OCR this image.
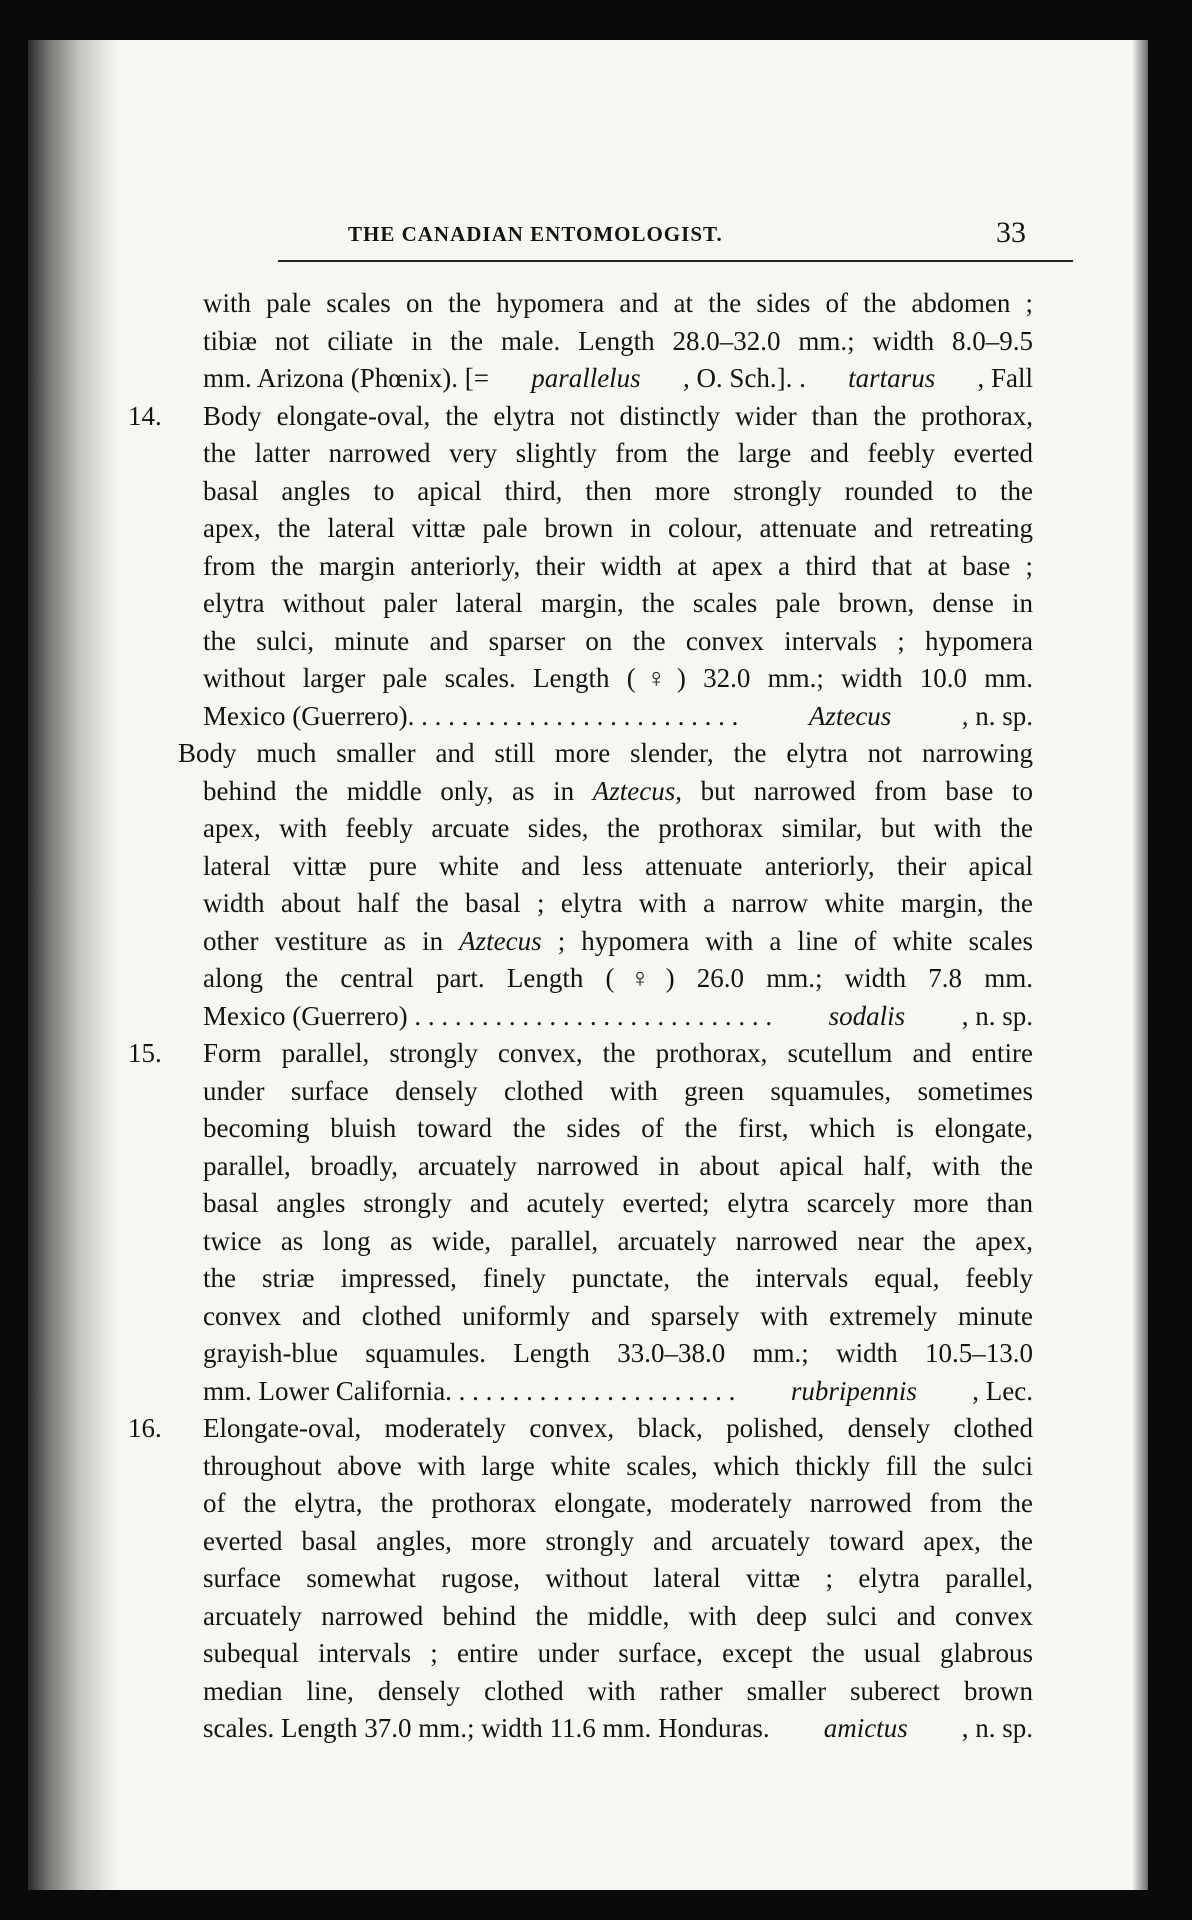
THE CANADIAN ENTOMOLOGIST.	33
with pale scales on the hypomera and at the sides of the abdomen ;
tibiæ not ciliate in the male. Length 28.0–32.0 mm.; width 8.0–9.5
mm. Arizona (Phœnix). [= parallelus , O. Sch.]. . tartarus , Fall
14. Body elongate-oval, the elytra not distinctly wider than the prothorax,
the latter narrowed very slightly from the large and feebly everted
basal angles to apical third, then more strongly rounded to the
apex, the lateral vittæ pale brown in colour, attenuate and retreating
from the margin anteriorly, their width at apex a third that at base ;
elytra without paler lateral margin, the scales pale brown, dense in
the sulci, minute and sparser on the convex intervals ; hypomera
without larger pale scales. Length (♀) 32.0 mm.; width 10.0 mm.
Mexico (Guerrero). . . . . . . . . . . . . . . . . . . . . . . . .	Aztecus	, n. sp.
Body much smaller and still more slender, the elytra not narrowing
behind the middle only, as in Aztecus, but narrowed from base to
apex, with feebly arcuate sides, the prothorax similar, but with the
lateral vittæ pure white and less attenuate anteriorly, their apical
width about half the basal ; elytra with a narrow white margin, the
other vestiture as in Aztecus ; hypomera with a line of white scales
along the central part. Length (♀) 26.0 mm.; width 7.8 mm.
Mexico (Guerrero) . . . . . . . . . . . . . . . . . . . . . . . . . . . sodalis , n. sp.
15. Form parallel, strongly convex, the prothorax, scutellum and entire
under surface densely clothed with green squamules, sometimes
becoming bluish toward the sides of the first, which is elongate,
parallel, broadly, arcuately narrowed in about apical half, with the
basal angles strongly and acutely everted; elytra scarcely more than
twice as long as wide, parallel, arcuately narrowed near the apex,
the striæ impressed, finely punctate, the intervals equal, feebly
convex and clothed uniformly and sparsely with extremely minute
grayish-blue squamules. Length 33.0–38.0 mm.; width 10.5–13.0
mm. Lower California. . . . . . . . . . . . . . . . . . . . . . rubripennis , Lec.
16. Elongate-oval, moderately convex, black, polished, densely clothed
throughout above with large white scales, which thickly fill the sulci
of the elytra, the prothorax elongate, moderately narrowed from the
everted basal angles, more strongly and arcuately toward apex, the
surface somewhat rugose, without lateral vittæ ; elytra parallel,
arcuately narrowed behind the middle, with deep sulci and convex
subequal intervals ; entire under surface, except the usual glabrous
median line, densely clothed with rather smaller suberect brown
scales. Length 37.0 mm.; width 11.6 mm. Honduras. amictus , n. sp.
